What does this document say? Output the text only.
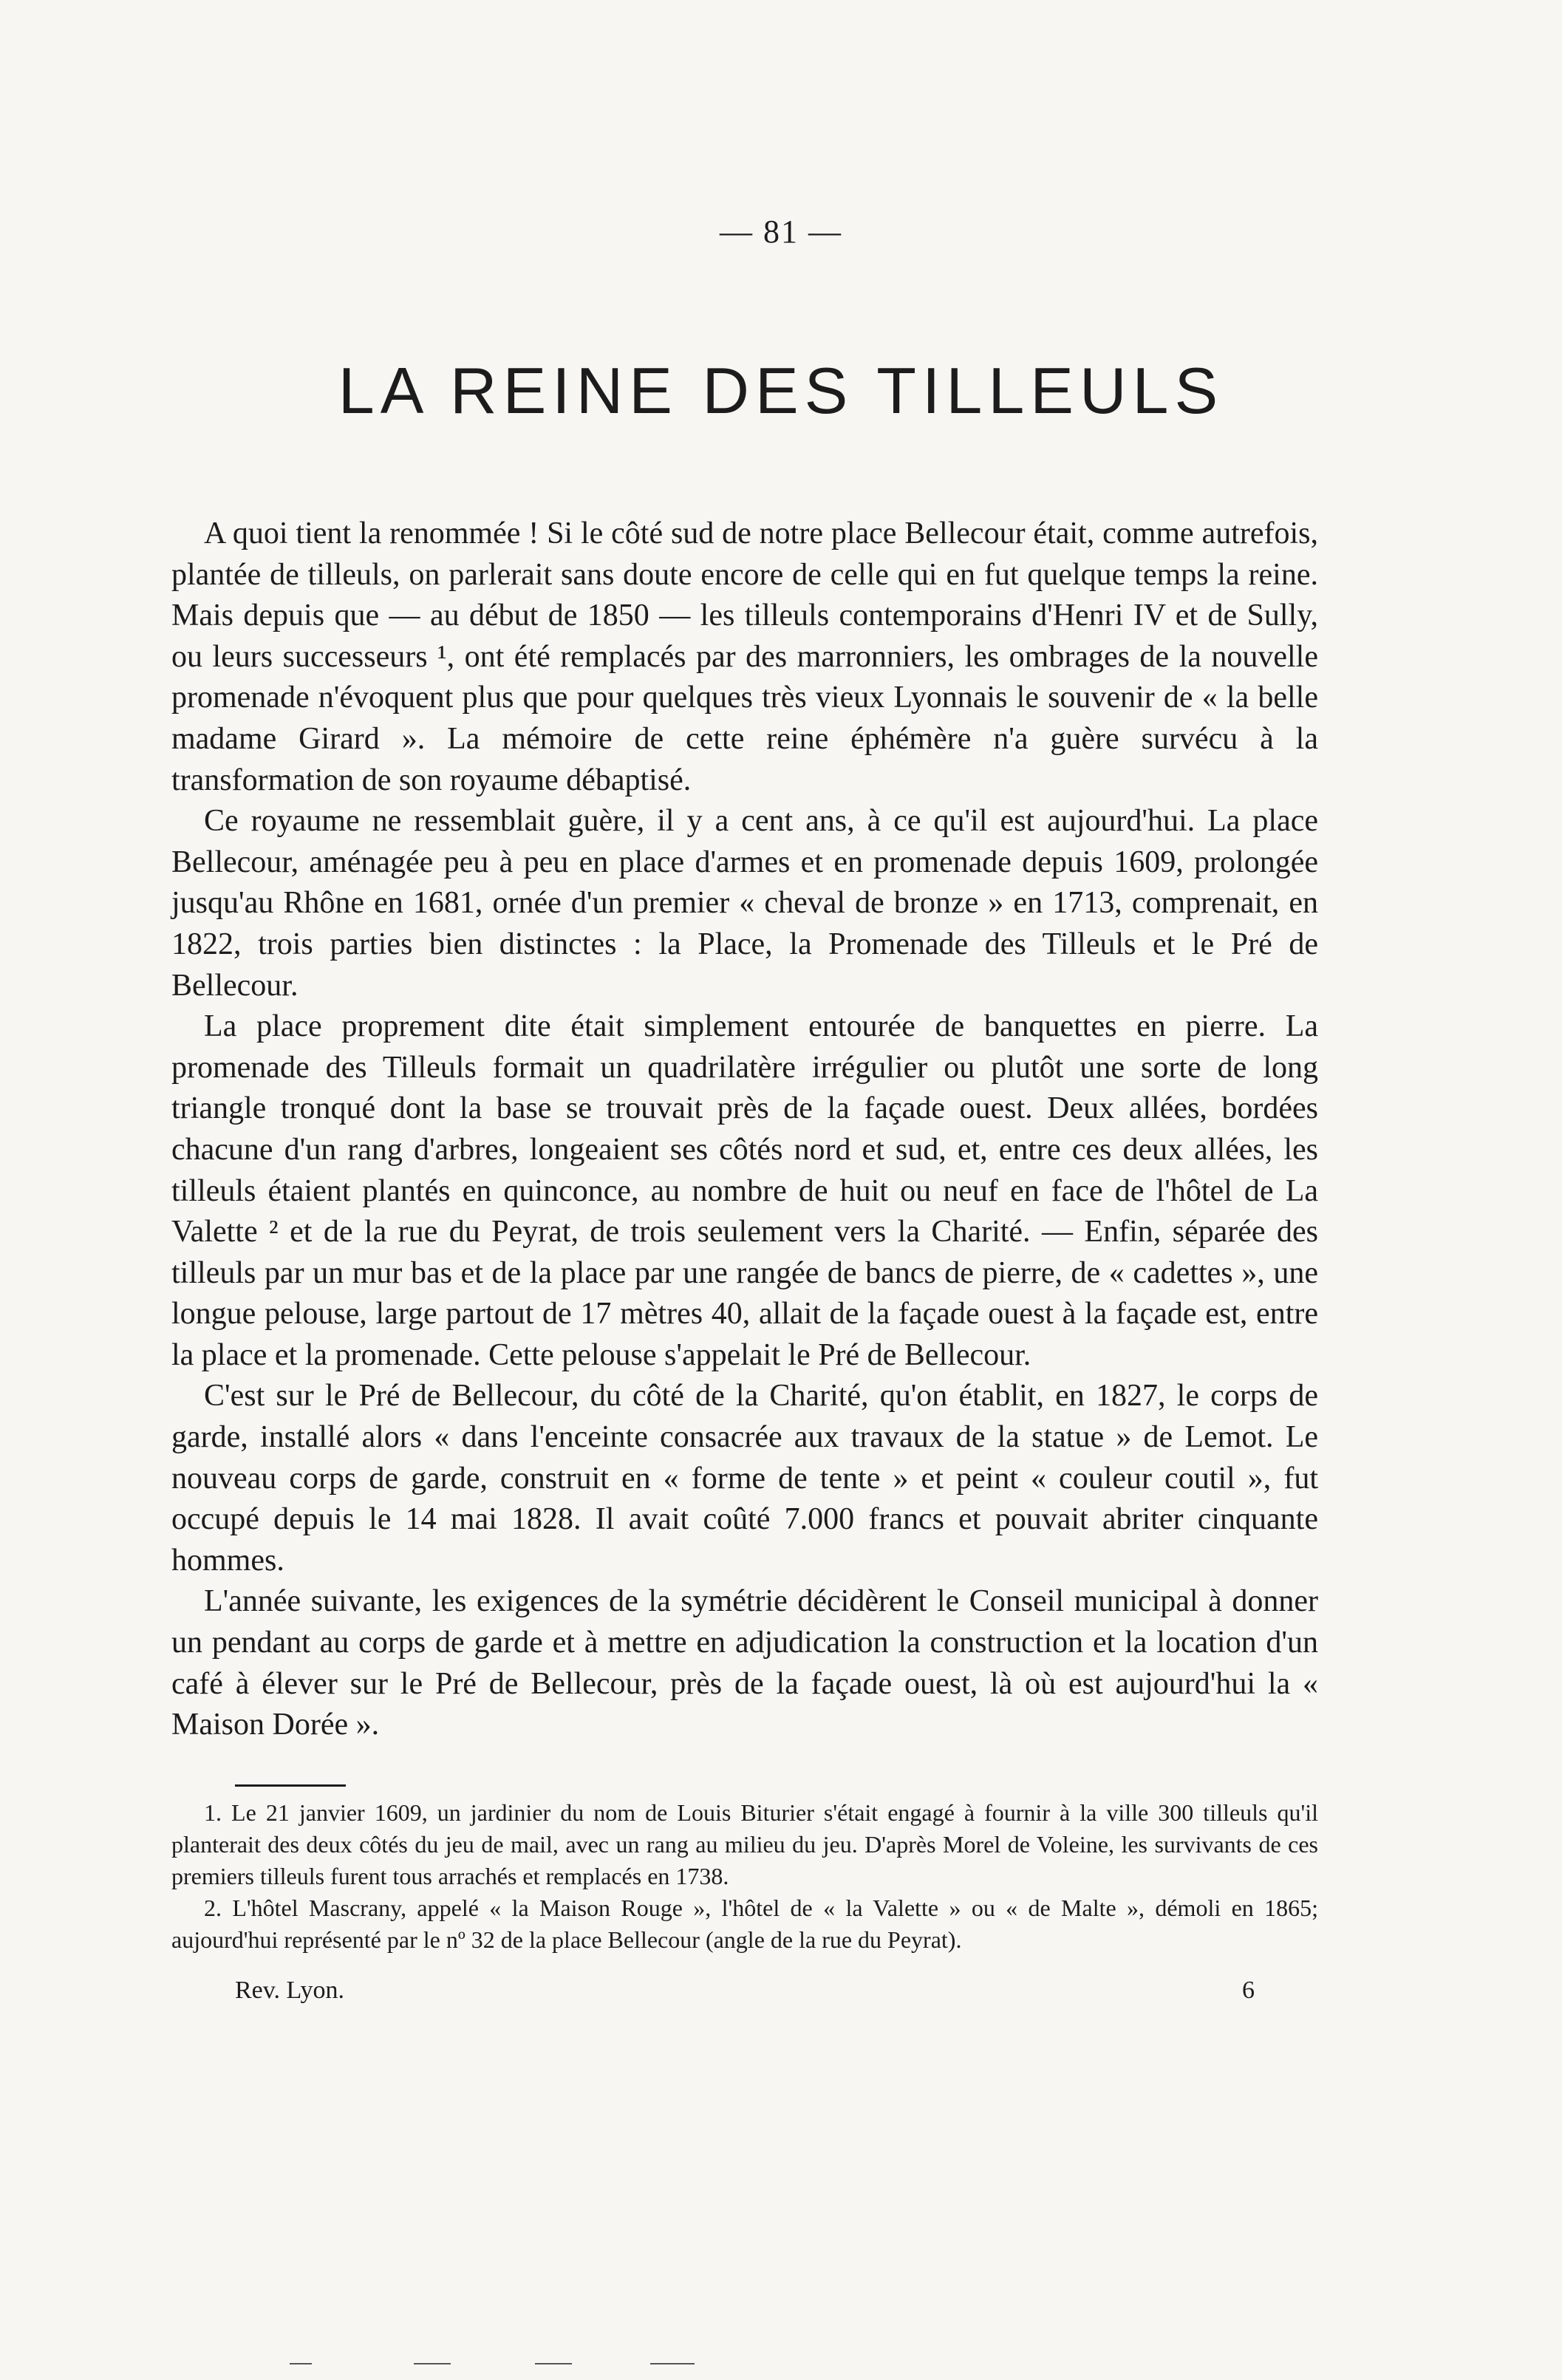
— 81 —
LA REINE DES TILLEULS

A quoi tient la renommée ! Si le côté sud de notre place Bellecour était, comme autrefois, plantée de tilleuls, on parlerait sans doute encore de celle qui en fut quelque temps la reine. Mais depuis que — au début de 1850 — les tilleuls contemporains d'Henri IV et de Sully, ou leurs successeurs ¹, ont été remplacés par des marronniers, les ombrages de la nouvelle promenade n'évoquent plus que pour quelques très vieux Lyonnais le souvenir de « la belle madame Girard ». La mémoire de cette reine éphémère n'a guère survécu à la transformation de son royaume débaptisé.

Ce royaume ne ressemblait guère, il y a cent ans, à ce qu'il est aujourd'hui. La place Bellecour, aménagée peu à peu en place d'armes et en promenade depuis 1609, prolongée jusqu'au Rhône en 1681, ornée d'un premier « cheval de bronze » en 1713, comprenait, en 1822, trois parties bien distinctes : la Place, la Promenade des Tilleuls et le Pré de Bellecour.

La place proprement dite était simplement entourée de banquettes en pierre. La promenade des Tilleuls formait un quadrilatère irrégulier ou plutôt une sorte de long triangle tronqué dont la base se trouvait près de la façade ouest. Deux allées, bordées chacune d'un rang d'arbres, longeaient ses côtés nord et sud, et, entre ces deux allées, les tilleuls étaient plantés en quinconce, au nombre de huit ou neuf en face de l'hôtel de La Valette ² et de la rue du Peyrat, de trois seulement vers la Charité. — Enfin, séparée des tilleuls par un mur bas et de la place par une rangée de bancs de pierre, de « cadettes », une longue pelouse, large partout de 17 mètres 40, allait de la façade ouest à la façade est, entre la place et la promenade. Cette pelouse s'appelait le Pré de Bellecour.

C'est sur le Pré de Bellecour, du côté de la Charité, qu'on établit, en 1827, le corps de garde, installé alors « dans l'enceinte consacrée aux travaux de la statue » de Lemot. Le nouveau corps de garde, construit en « forme de tente » et peint « couleur coutil », fut occupé depuis le 14 mai 1828. Il avait coûté 7.000 francs et pouvait abriter cinquante hommes.

L'année suivante, les exigences de la symétrie décidèrent le Conseil municipal à donner un pendant au corps de garde et à mettre en adjudication la construction et la location d'un café à élever sur le Pré de Bellecour, près de la façade ouest, là où est aujourd'hui la « Maison Dorée ».

1. Le 21 janvier 1609, un jardinier du nom de Louis Biturier s'était engagé à fournir à la ville 300 tilleuls qu'il planterait des deux côtés du jeu de mail, avec un rang au milieu du jeu. D'après Morel de Voleine, les survivants de ces premiers tilleuls furent tous arrachés et remplacés en 1738.

2. L'hôtel Mascrany, appelé « la Maison Rouge », l'hôtel de « la Valette » ou « de Malte », démoli en 1865; aujourd'hui représenté par le nº 32 de la place Bellecour (angle de la rue du Peyrat).

Rev. Lyon.	6
